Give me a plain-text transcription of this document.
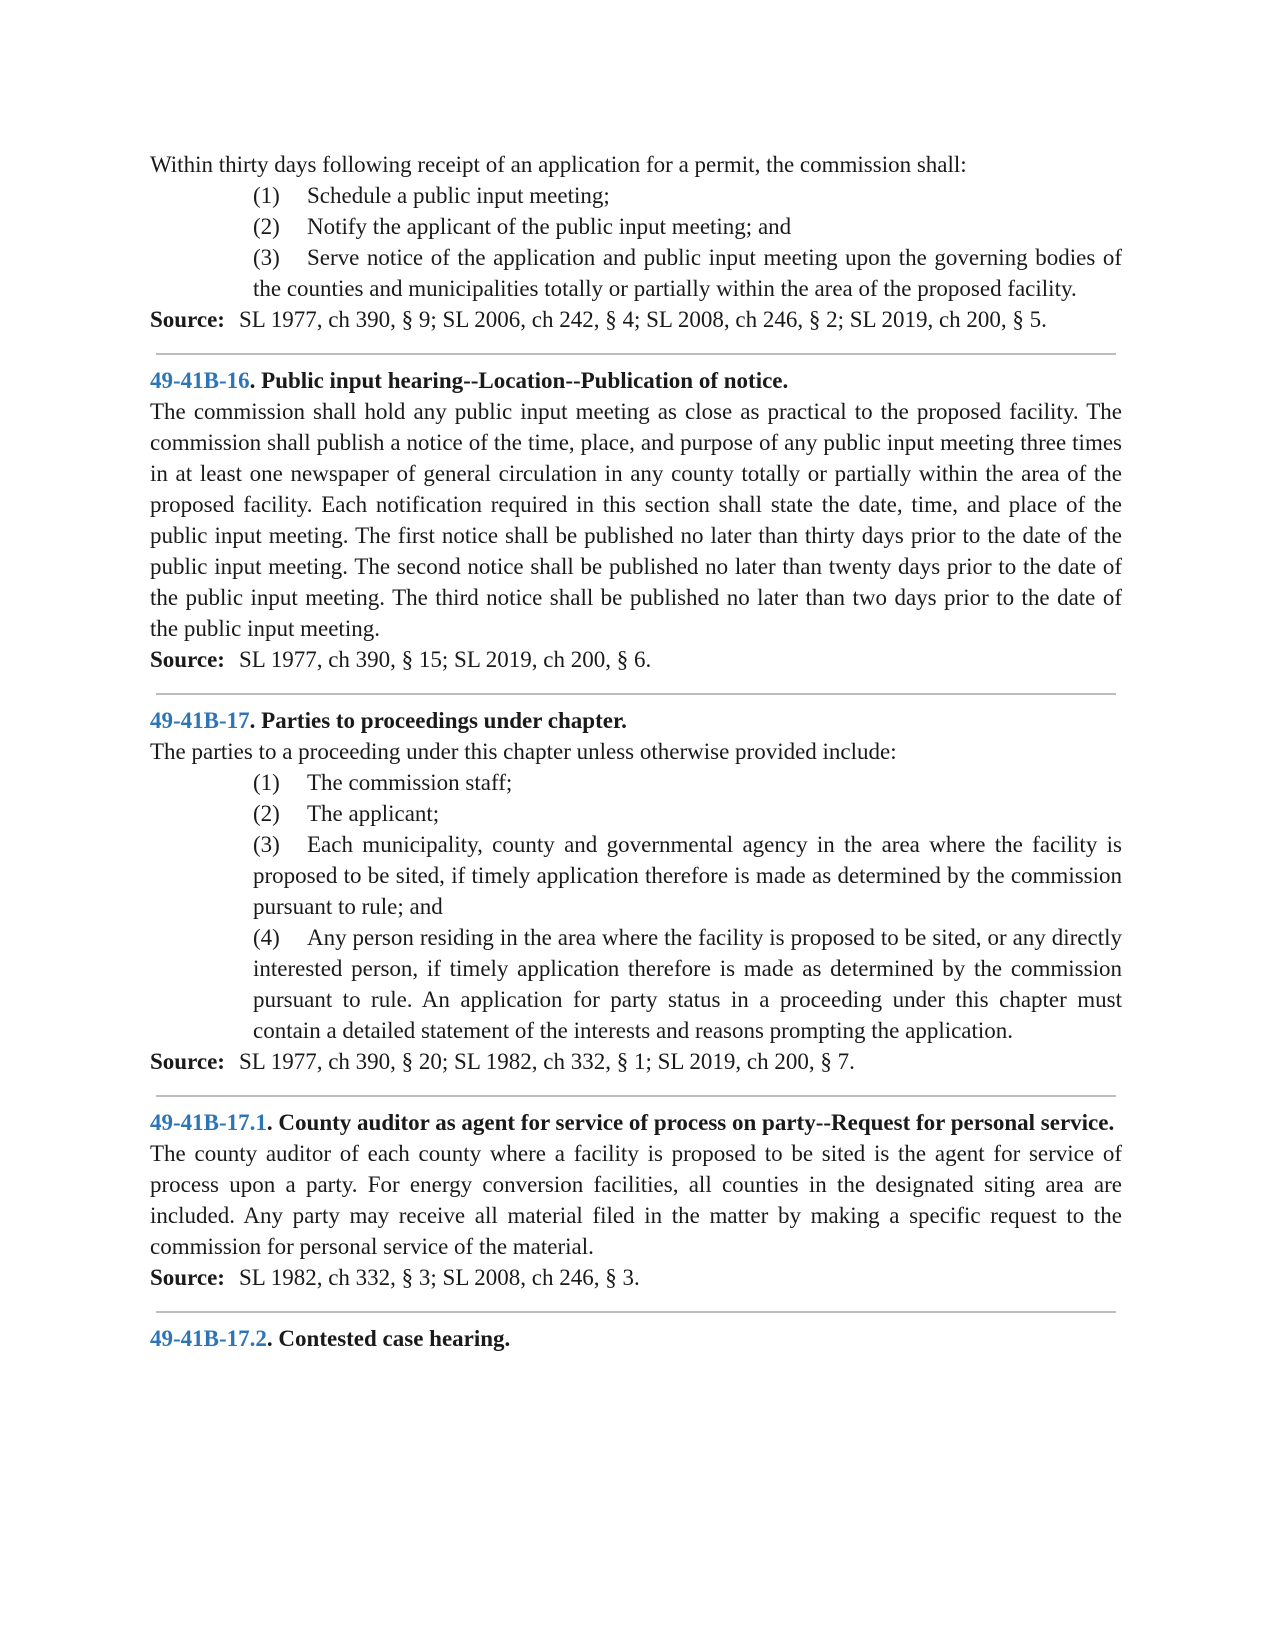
Within thirty days following receipt of an application for a permit, the commission shall:

(1) Schedule a public input meeting;

(2) Notify the applicant of the public input meeting; and

(3) Serve notice of the application and public input meeting upon the governing bodies of the counties and municipalities totally or partially within the area of the proposed facility.

Source: SL 1977, ch 390, § 9; SL 2006, ch 242, § 4; SL 2008, ch 246, § 2; SL 2019, ch 200, § 5.

49-41B-16. Public input hearing--Location--Publication of notice.

The commission shall hold any public input meeting as close as practical to the proposed facility. The commission shall publish a notice of the time, place, and purpose of any public input meeting three times in at least one newspaper of general circulation in any county totally or partially within the area of the proposed facility. Each notification required in this section shall state the date, time, and place of the public input meeting. The first notice shall be published no later than thirty days prior to the date of the public input meeting. The second notice shall be published no later than twenty days prior to the date of the public input meeting. The third notice shall be published no later than two days prior to the date of the public input meeting.

Source: SL 1977, ch 390, § 15; SL 2019, ch 200, § 6.

49-41B-17. Parties to proceedings under chapter.

The parties to a proceeding under this chapter unless otherwise provided include:

(1) The commission staff;

(2) The applicant;

(3) Each municipality, county and governmental agency in the area where the facility is proposed to be sited, if timely application therefore is made as determined by the commission pursuant to rule; and

(4) Any person residing in the area where the facility is proposed to be sited, or any directly interested person, if timely application therefore is made as determined by the commission pursuant to rule. An application for party status in a proceeding under this chapter must contain a detailed statement of the interests and reasons prompting the application.

Source: SL 1977, ch 390, § 20; SL 1982, ch 332, § 1; SL 2019, ch 200, § 7.

49-41B-17.1. County auditor as agent for service of process on party--Request for personal service.

The county auditor of each county where a facility is proposed to be sited is the agent for service of process upon a party. For energy conversion facilities, all counties in the designated siting area are included. Any party may receive all material filed in the matter by making a specific request to the commission for personal service of the material.

Source: SL 1982, ch 332, § 3; SL 2008, ch 246, § 3.

49-41B-17.2. Contested case hearing.
